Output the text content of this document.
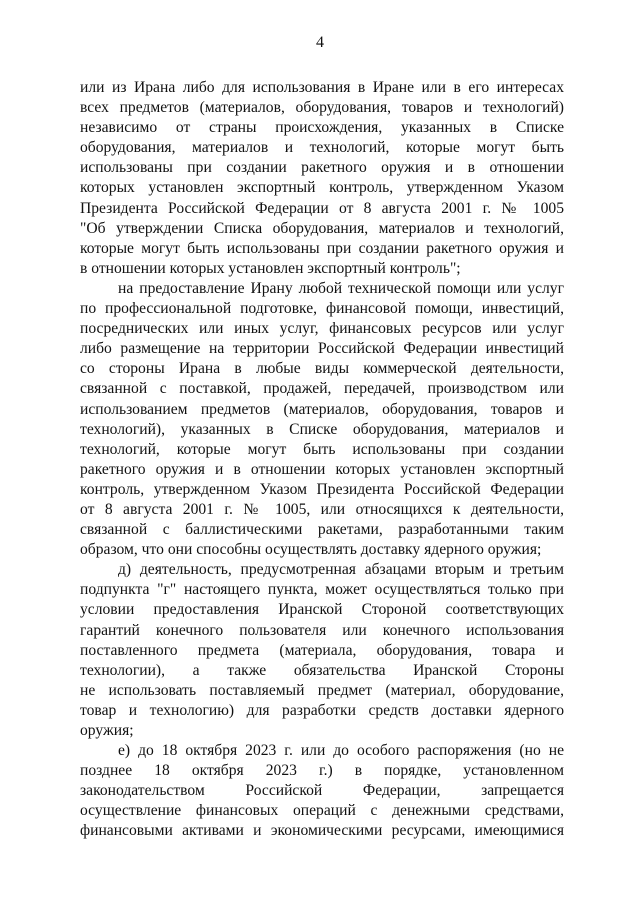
4
или из Ирана либо для использования в Иране или в его интересах
всех предметов (материалов, оборудования, товаров и технологий)
независимо от страны происхождения, указанных в Списке
оборудования, материалов и технологий, которые могут быть
использованы при создании ракетного оружия и в отношении
которых установлен экспортный контроль, утвержденном Указом
Президента Российской Федерации от 8 августа 2001 г. № 1005
"Об утверждении Списка оборудования, материалов и технологий,
которые могут быть использованы при создании ракетного оружия и
в отношении которых установлен экспортный контроль";
на предоставление Ирану любой технической помощи или услуг
по профессиональной подготовке, финансовой помощи, инвестиций,
посреднических или иных услуг, финансовых ресурсов или услуг
либо размещение на территории Российской Федерации инвестиций
со стороны Ирана в любые виды коммерческой деятельности,
связанной с поставкой, продажей, передачей, производством или
использованием предметов (материалов, оборудования, товаров и
технологий), указанных в Списке оборудования, материалов и
технологий, которые могут быть использованы при создании
ракетного оружия и в отношении которых установлен экспортный
контроль, утвержденном Указом Президента Российской Федерации
от 8 августа 2001 г. № 1005, или относящихся к деятельности,
связанной с баллистическими ракетами, разработанными таким
образом, что они способны осуществлять доставку ядерного оружия;
д) деятельность, предусмотренная абзацами вторым и третьим
подпункта "г" настоящего пункта, может осуществляться только при
условии предоставления Иранской Стороной соответствующих
гарантий конечного пользователя или конечного использования
поставленного предмета (материала, оборудования, товара и
технологии), а также обязательства Иранской Стороны
не использовать поставляемый предмет (материал, оборудование,
товар и технологию) для разработки средств доставки ядерного
оружия;
е) до 18 октября 2023 г. или до особого распоряжения (но не
позднее 18 октября 2023 г.) в порядке, установленном
законодательством Российской Федерации, запрещается
осуществление финансовых операций с денежными средствами,
финансовыми активами и экономическими ресурсами, имеющимися
